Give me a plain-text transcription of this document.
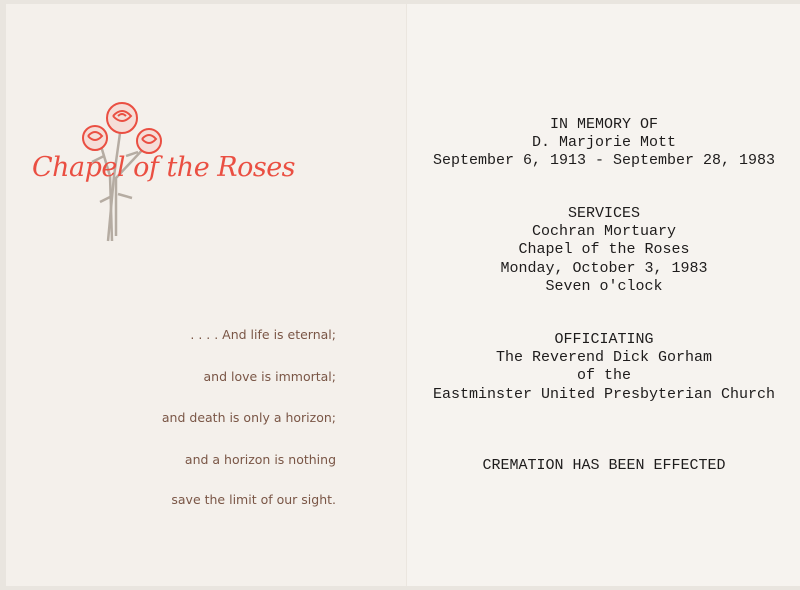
Chapel of the Roses
. . . . And life is eternal;
and love is immortal;
and death is only a horizon;
and a horizon is nothing
save the limit of our sight.
IN MEMORY OF
D. Marjorie Mott
September 6, 1913 - September 28, 1983
SERVICES
Cochran Mortuary
Chapel of the Roses
Monday, October 3, 1983
Seven o'clock
OFFICIATING
The Reverend Dick Gorham
of the
Eastminster United Presbyterian Church
CREMATION HAS BEEN EFFECTED
